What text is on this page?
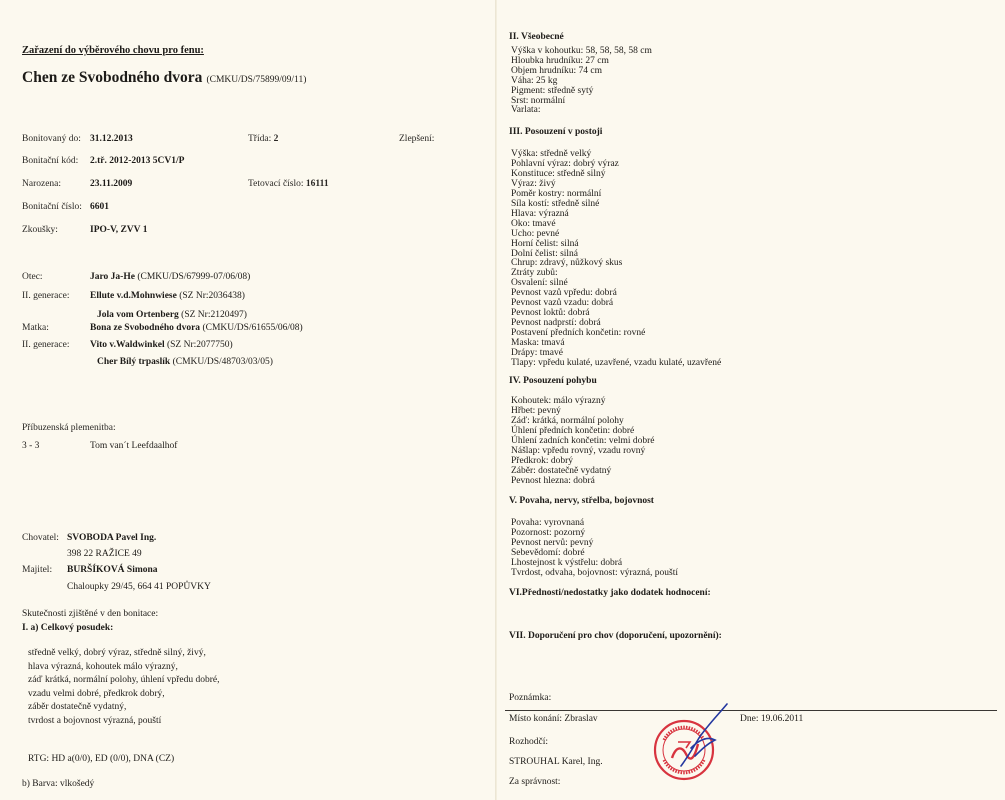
Zařazení do výběrového chovu pro fenu:
Chen ze Svobodného dvora (CMKU/DS/75899/09/11)
Bonitovaný do: 31.12.2013	Třída: 2	Zlepšení:
Bonitační kód: 2.tř. 2012-2013 5CV1/P
Narozena:	23.11.2009	Tetovací číslo: 16111
Bonitační číslo: 6601
Zkoušky:	IPO-V, ZVV 1
Otec:	Jaro Ja-He (CMKU/DS/67999-07/06/08)
II. generace: Ellute v.d.Mohnwiese (SZ Nr:2036438)
Jola vom Ortenberg (SZ Nr:2120497)
Matka:	Bona ze Svobodného dvora (CMKU/DS/61655/06/08)
II. generace: Vito v.Waldwinkel (SZ Nr:2077750)
Cher Bílý trpaslík (CMKU/DS/48703/03/05)
Příbuzenská plemenitba:
3 - 3	Tom van´t Leefdaalhof
Chovatel: SVOBODA Pavel Ing.
398 22 RAŽICE 49
Majitel: BURŠÍKOVÁ Simona
Chaloupky 29/45, 664 41 POPŮVKY
Skutečnosti zjištěné v den bonitace:
I. a) Celkový posudek:
středně velký, dobrý výraz, středně silný, živý,
hlava výrazná, kohoutek málo výrazný,
záď krátká, normální polohy, úhlení vpředu dobré,
vzadu velmi dobré, předkrok dobrý,
záběr dostatečně vydatný,
tvrdost a bojovnost výrazná, pouští
RTG: HD a(0/0), ED (0/0), DNA (CZ)
b) Barva: vlkošedý
II. Všeobecné
Výška v kohoutku: 58, 58, 58, 58 cm
Hloubka hrudníku: 27 cm
Objem hrudníku: 74 cm
Váha: 25 kg
Pigment: středně sytý
Srst: normální
Varlata:
III. Posouzení v postoji
Výška: středně velký
Pohlavní výraz: dobrý výraz
Konstituce: středně silný
Výraz: živý
Poměr kostry: normální
Síla kostí: středně silné
Hlava: výrazná
Oko: tmavé
Ucho: pevné
Horní čelist: silná
Dolní čelist: silná
Chrup: zdravý, nůžkový skus
Ztráty zubů:
Osvalení: silné
Pevnost vazů vpředu: dobrá
Pevnost vazů vzadu: dobrá
Pevnost loktů: dobrá
Pevnost nadprstí: dobrá
Postavení předních končetin: rovné
Maska: tmavá
Drápy: tmavé
Tlapy: vpředu kulaté, uzavřené, vzadu kulaté, uzavřené
IV. Posouzení pohybu
Kohoutek: málo výrazný
Hřbet: pevný
Záď: krátká, normální polohy
Úhlení předních končetin: dobré
Úhlení zadních končetin: velmi dobré
Nášlap: vpředu rovný, vzadu rovný
Předkrok: dobrý
Záběr: dostatečně vydatný
Pevnost hlezna: dobrá
V. Povaha, nervy, střelba, bojovnost
Povaha: vyrovnaná
Pozornost: pozorný
Pevnost nervů: pevný
Sebevědomí: dobré
Lhostejnost k výstřelu: dobrá
Tvrdost, odvaha, bojovnost: výrazná, pouští
VI.Přednosti/nedostatky jako dodatek hodnocení:
VII. Doporučení pro chov (doporučení, upozornění):
Poznámka:
Místo konání: Zbraslav	Dne: 19.06.2011
Rozhodčí:
STROUHAL Karel, Ing.
Za správnost:
